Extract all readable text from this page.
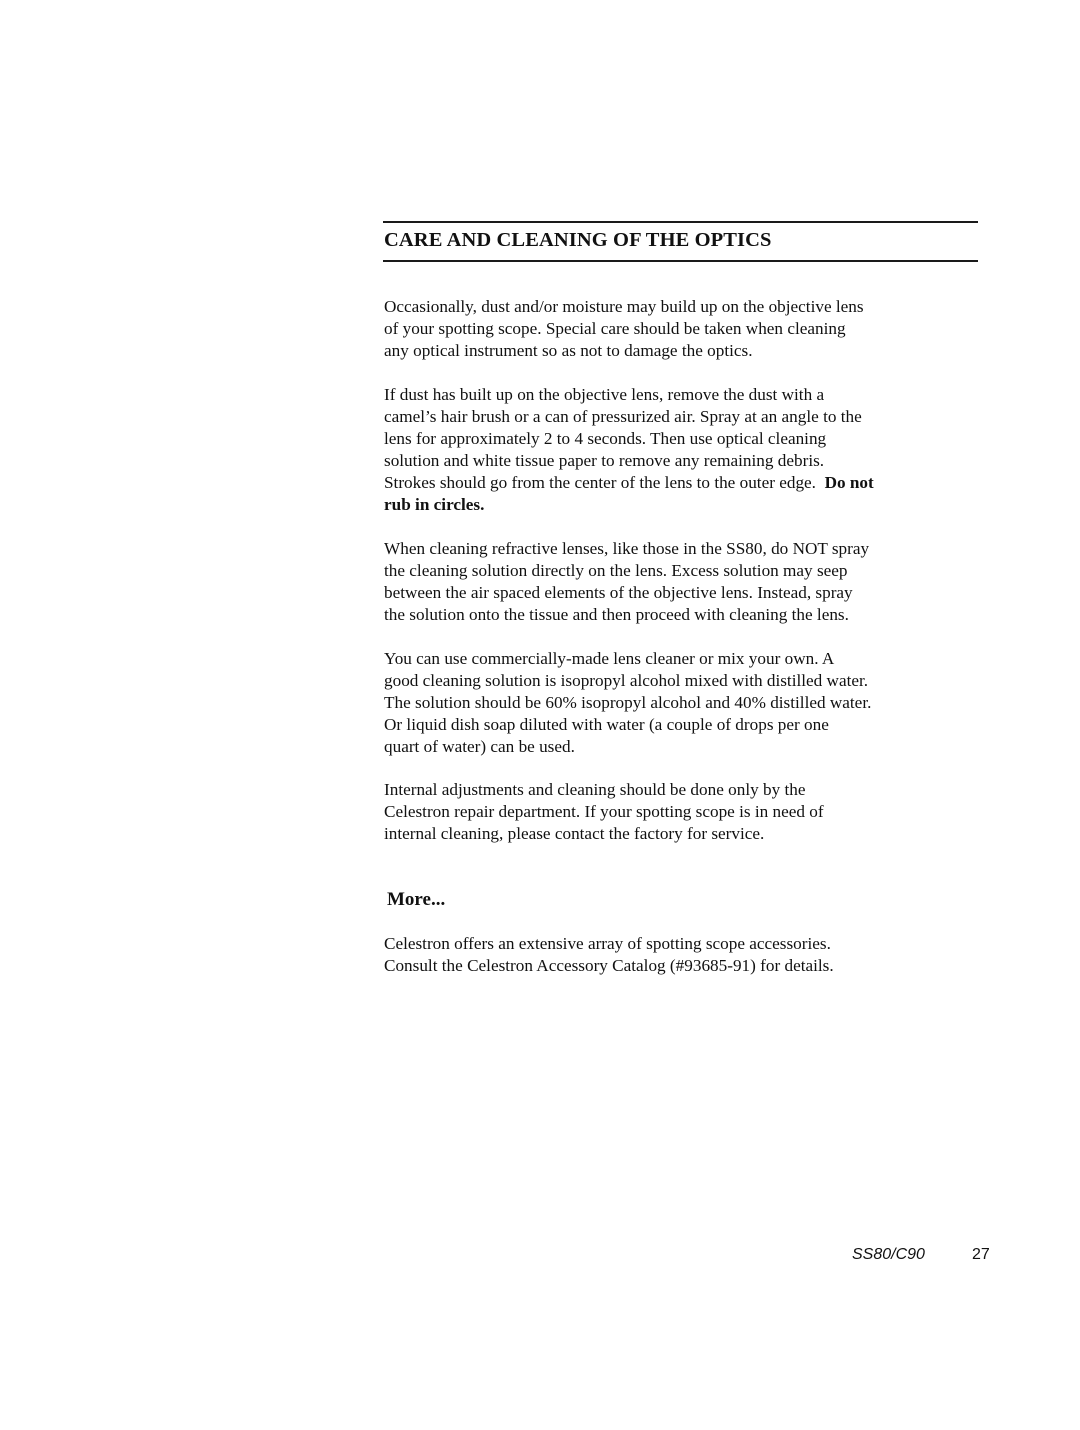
CARE AND CLEANING OF THE OPTICS

Occasionally, dust and/or moisture may build up on the objective lens
of your spotting scope. Special care should be taken when cleaning
any optical instrument so as not to damage the optics.

If dust has built up on the objective lens, remove the dust with a
camel’s hair brush or a can of pressurized air. Spray at an angle to the
lens for approximately 2 to 4 seconds. Then use optical cleaning
solution and white tissue paper to remove any remaining debris.
Strokes should go from the center of the lens to the outer edge. Do not
rub in circles.

When cleaning refractive lenses, like those in the SS80, do NOT spray
the cleaning solution directly on the lens. Excess solution may seep
between the air spaced elements of the objective lens. Instead, spray
the solution onto the tissue and then proceed with cleaning the lens.

You can use commercially-made lens cleaner or mix your own. A
good cleaning solution is isopropyl alcohol mixed with distilled water.
The solution should be 60% isopropyl alcohol and 40% distilled water.
Or liquid dish soap diluted with water (a couple of drops per one
quart of water) can be used.

Internal adjustments and cleaning should be done only by the
Celestron repair department. If your spotting scope is in need of
internal cleaning, please contact the factory for service.

More...

Celestron offers an extensive array of spotting scope accessories.
Consult the Celestron Accessory Catalog (#93685-91) for details.

SS80/C90	27
